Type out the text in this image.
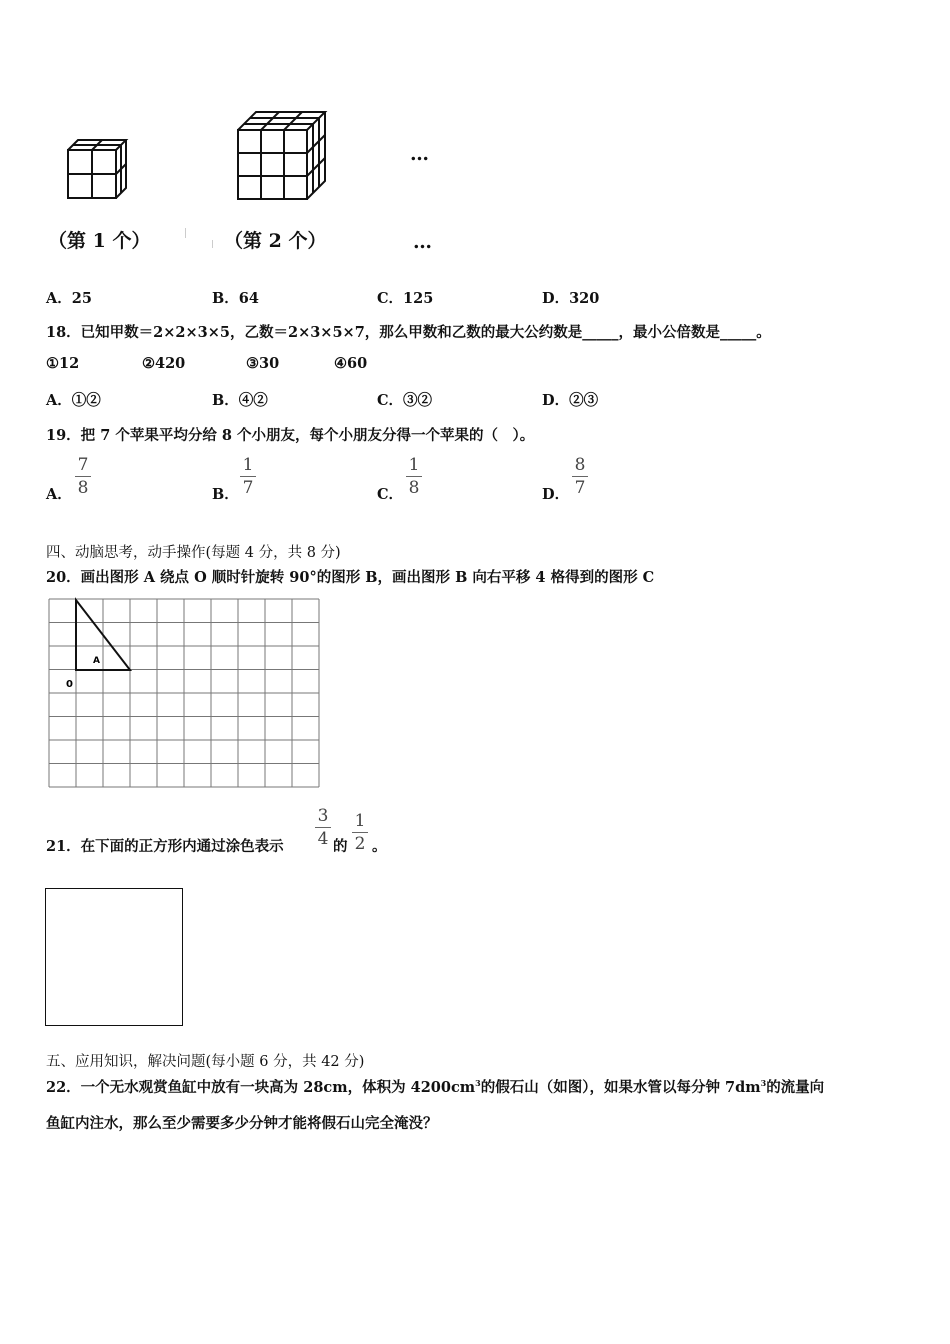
…
（第 1 个）	（第 2 个）	…
A．25	B．64	C．125	D．320
18．已知甲数＝2×2×3×5，乙数＝2×3×5×7，那么甲数和乙数的最大公约数是_____，最小公倍数是_____。
①12	②420	③30	④60
A．①②	B．④②	C．③②	D．②③
19．把 7 个苹果平均分给 8 个小朋友，每个小朋友分得一个苹果的（　）。
A．
7
8	B．
1
7	C．
1
8	D．
8
7
四、动脑思考，动手操作(每题 4 分，共 8 分)
20．画出图形 A 绕点 O 顺时针旋转 90°的图形 B，画出图形 B 向右平移 4 格得到的图形 C
A
0
21．在下面的正方形内通过涂色表示
3
4 的
1
2 。
五、应用知识，解决问题(每小题 6 分，共 42 分)
22．一个无水观赏鱼缸中放有一块高为 28cm，体积为 $4200cm^3$的假石山（如图），如果水管以每分钟 $7dm^3$的流量向
鱼缸内注水，那么至少需要多少分钟才能将假石山完全淹没？
